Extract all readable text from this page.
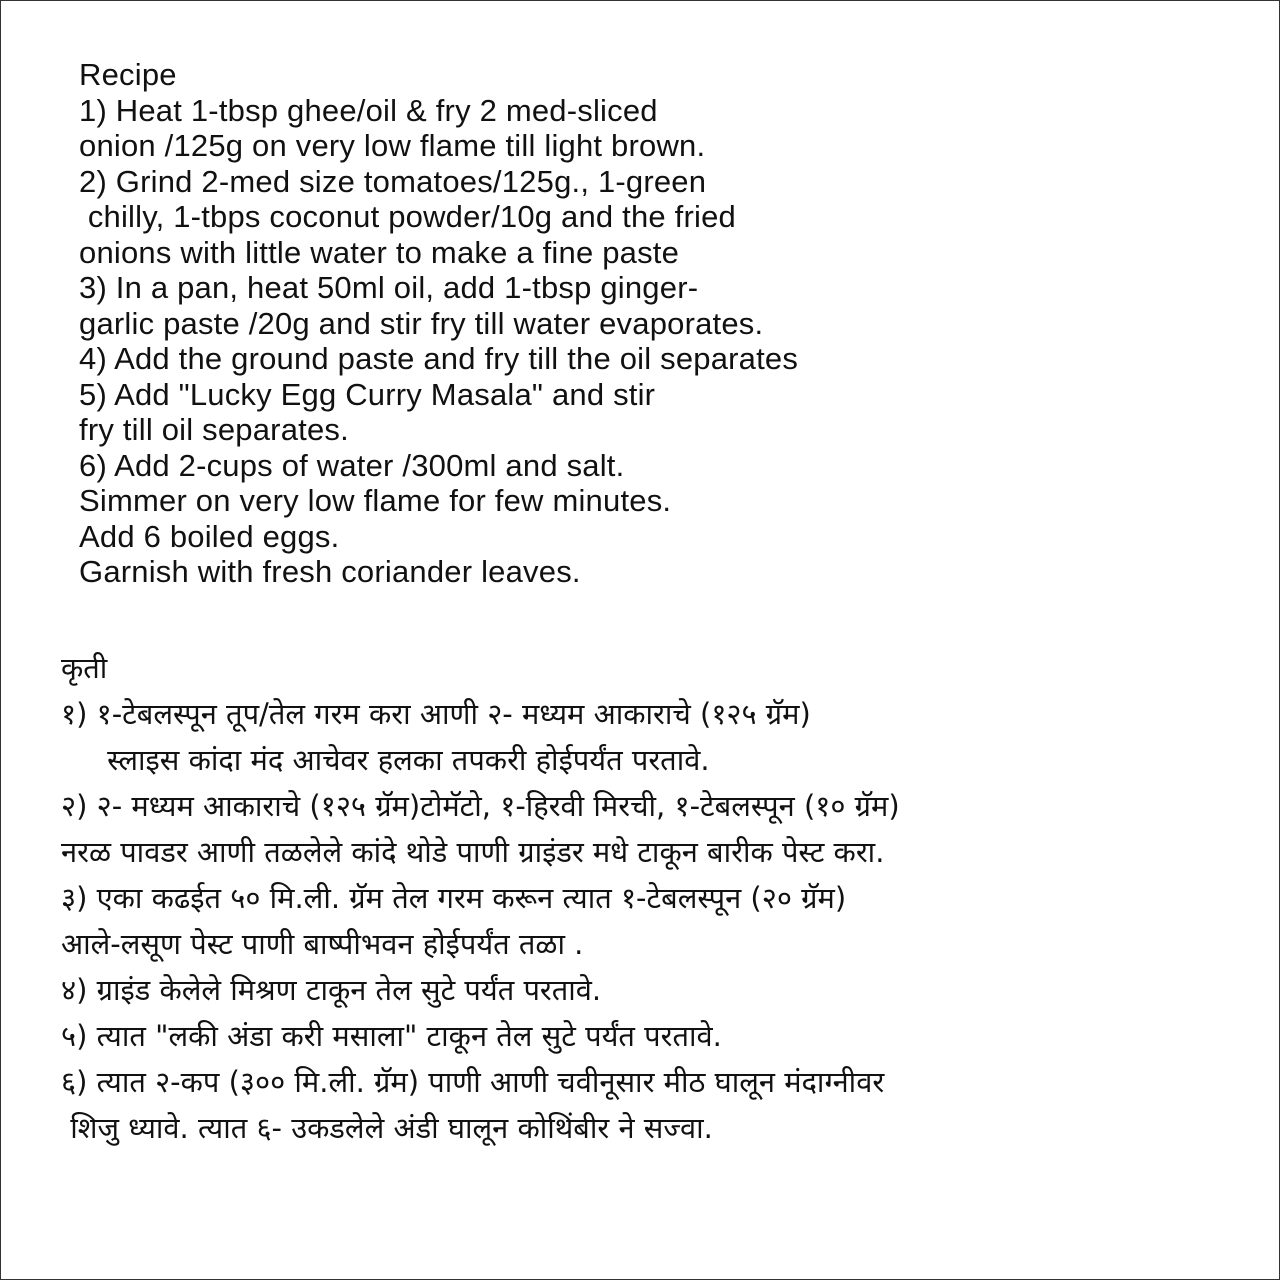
Recipe
1) Heat 1-tbsp ghee/oil & fry 2 med-sliced
onion /125g on very low flame till light brown.
2) Grind 2-med size tomatoes/125g., 1-green
chilly, 1-tbps coconut powder/10g and the fried
onions with little water to make a fine paste
3) In a pan, heat 50ml oil, add 1-tbsp ginger-
garlic paste /20g and stir fry till water evaporates.
4) Add the ground paste and fry till the oil separates
5) Add "Lucky Egg Curry Masala" and stir
fry till oil separates.
6) Add 2-cups of water /300ml and salt.
Simmer on very low flame for few minutes.
Add 6 boiled eggs.
Garnish with fresh coriander leaves.
कृती
१) १-टेबलस्पून तूप/तेल गरम करा आणी २- मध्यम आकाराचे (१२५ ग्रॅम)
स्लाइस कांदा मंद आचेवर हलका तपकरी होईपर्यंत परतावे.
२) २- मध्यम आकाराचे (१२५ ग्रॅम)टोमॅटो, १-हिरवी मिरची, १-टेबलस्पून (१० ग्रॅम)
नरळ पावडर आणी तळलेले कांदे थोडे पाणी ग्राइंडर मधे टाकून बारीक पेस्ट करा.
३) एका कढईत ५० मि.ली. ग्रॅम तेल गरम करून त्यात १-टेबलस्पून (२० ग्रॅम)
आले-लसूण पेस्ट पाणी बाष्पीभवन होईपर्यंत तळा .
४) ग्राइंड केलेले मिश्रण टाकून तेल सुटे पर्यंत परतावे.
५) त्यात "लकी अंडा करी मसाला" टाकून तेल सुटे पर्यंत परतावे.
६) त्यात २-कप (३०० मि.ली. ग्रॅम) पाणी आणी चवीनूसार मीठ घालून मंदाग्नीवर
शिजु ध्यावे. त्यात ६- उकडलेले अंडी घालून कोथिंबीर ने सज्वा.
